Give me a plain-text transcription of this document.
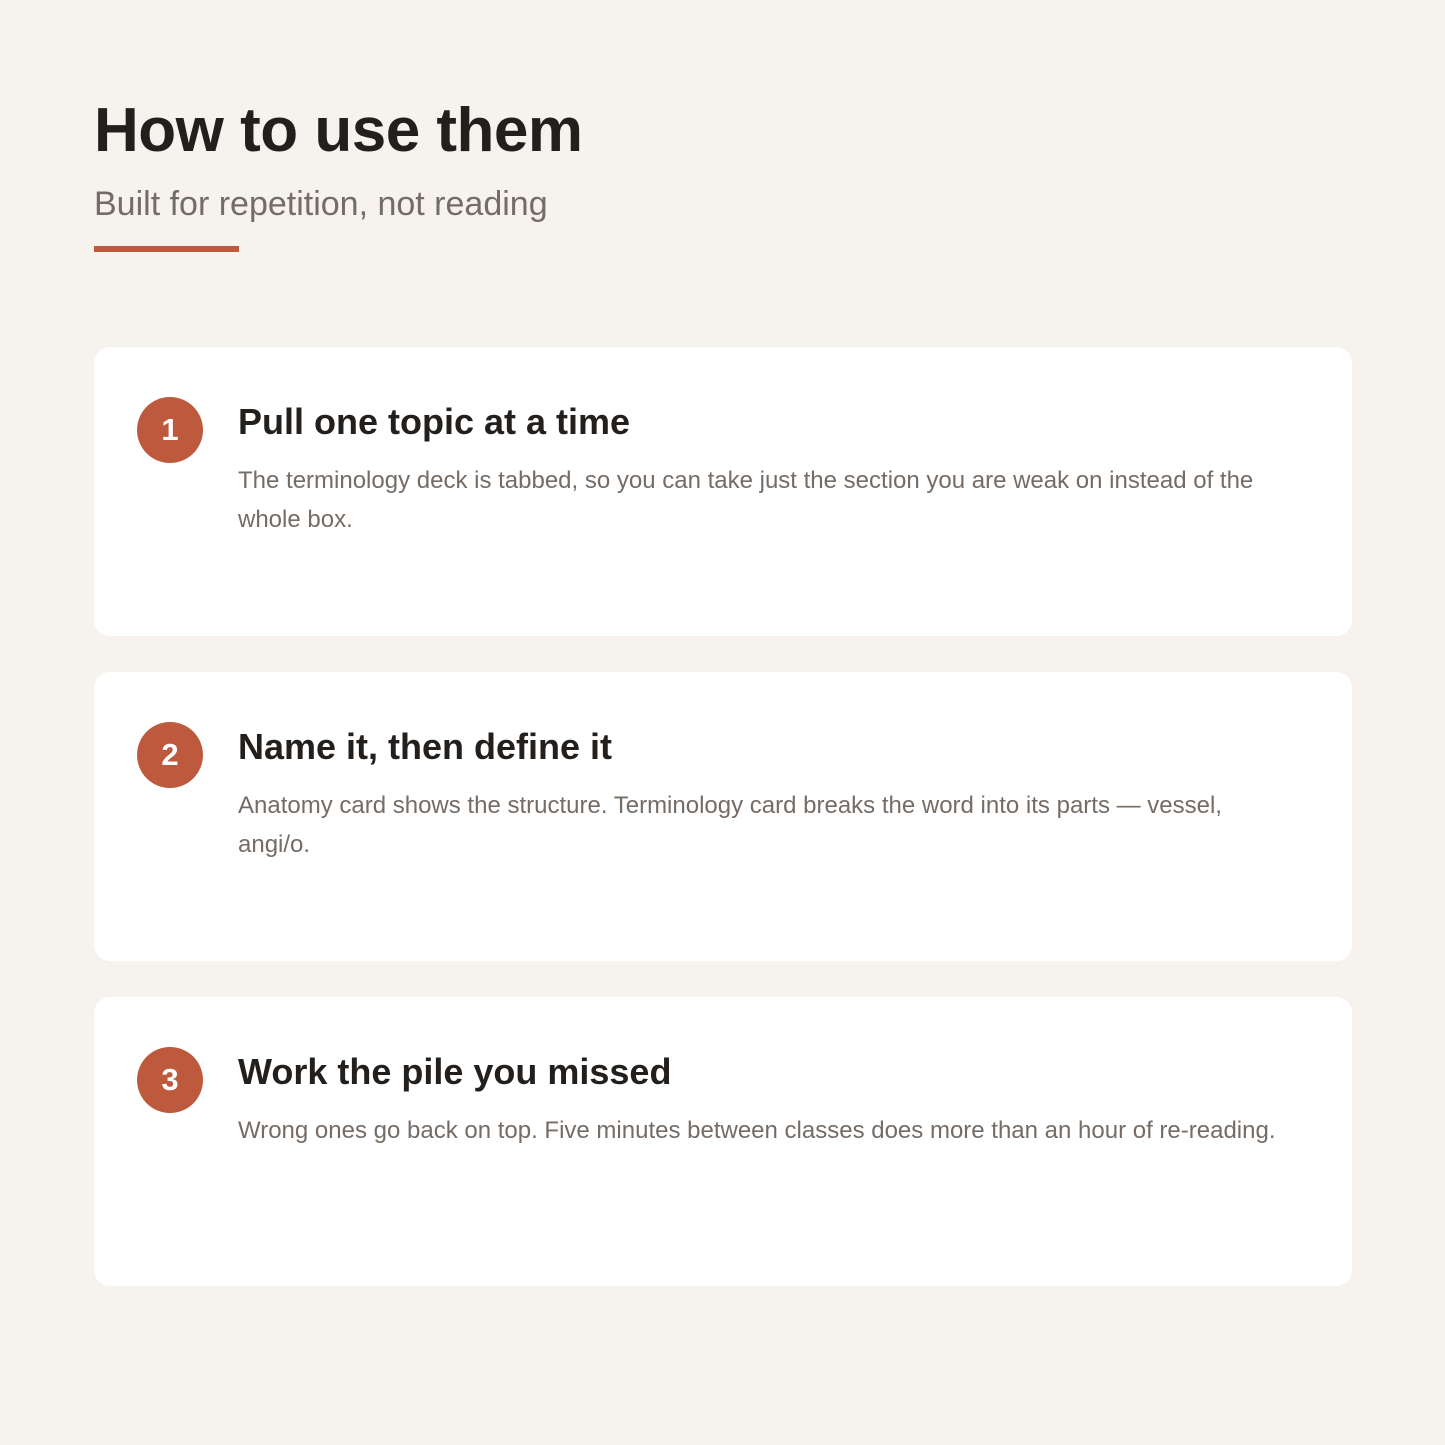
How to use them

Built for repetition, not reading

1	Pull one topic at a time

The terminology deck is tabbed, so you can take just the section you are weak on instead of the whole box.

2	Name it, then define it

Anatomy card shows the structure. Terminology card breaks the word into its parts — vessel, angi/o.

3	Work the pile you missed

Wrong ones go back on top. Five minutes between classes does more than an hour of re-reading.
